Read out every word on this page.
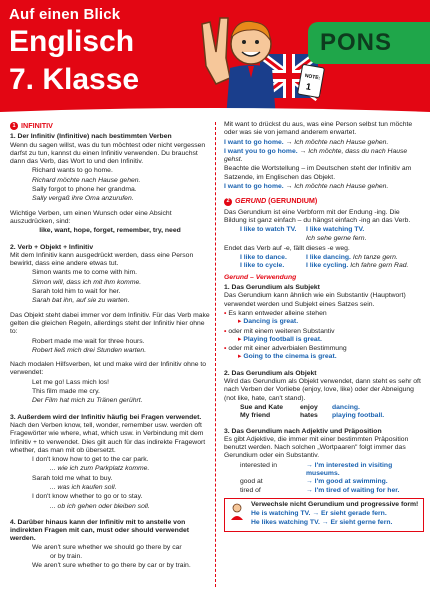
Auf einen Blick
Englisch
7. Klasse	NOTE:
1
PONS
1 INFINITIV
1. Der Infinitiv (Infinitive) nach bestimmten Verben

Wenn du sagen willst, was du tun möchtest oder nicht vergessen darfst zu tun, kannst du einen Infinitiv verwenden. Du brauchst dann das Verb, das Wort to und den Infinitiv.

Richard wants to go home.

Richard möchte nach Hause gehen.

Sally forgot to phone her grandma.

Sally vergaß ihre Oma anzurufen.

Wichtige Verben, um einen Wunsch oder eine Absicht auszudrücken, sind:

like, want, hope, forget, remember, try, need

2. Verb + Objekt + Infinitiv

Mit dem Infinitiv kann ausgedrückt werden, dass eine Person bewirkt, dass eine andere etwas tut.

Simon wants me to come with him.

Simon will, dass ich mit ihm komme.

Sarah told him to wait for her.

Sarah bat ihn, auf sie zu warten.

Das Objekt steht dabei immer vor dem Infinitiv. Für das Verb make gelten die gleichen Regeln, allerdings steht der Infinitiv hier ohne to:

Robert made me wait for three hours.

Robert ließ mich drei Stunden warten.

Nach modalen Hilfsverben, let und make wird der Infinitiv ohne to verwendet:

Let me go! Lass mich los!

This film made me cry.

Der Film hat mich zu Tränen gerührt.

3. Außerdem wird der Infinitiv häufig bei Fragen verwendet.

Nach den Verben know, tell, wonder, remember usw. werden oft Fragewörter wie where, what, which usw. in Verbindung mit dem Infinitiv + to verwendet. Dies gilt auch für das indirekte Fragewort whether, das man mit ob übersetzt.

I don't know how to get to the car park.

... wie ich zum Parkplatz komme.

Sarah told me what to buy.

... was ich kaufen soll.

I don't know whether to go or to stay.

... ob ich gehen oder bleiben soll.

4. Darüber hinaus kann der Infinitiv mit to anstelle von indirekten Fragen mit can, must oder should verwendet werden.

We aren't sure whether we should go there by car

or by train.

We aren't sure whether to go there by car or by train.

Mit want to drückst du aus, was eine Person selbst tun möchte oder was sie von jemand anderem erwartet.

I want to go home. → Ich möchte nach Hause gehen.

I want you to go home. → Ich möchte, dass du nach Hause gehst.

Beachte die Wortstellung – im Deutschen steht der Infinitiv am Satzende, im Englischen das Objekt.

I want to go home. → Ich möchte nach Hause gehen.

2 GERUND (GERUNDIUM)

Das Gerundium ist eine Verbform mit der Endung -ing. Die Bildung ist ganz einfach – du hängst einfach -ing an das Verb.

I like to watch TV.	I like watching TV.
Ich sehe gerne fern.

Endet das Verb auf -e, fällt dieses -e weg.

I like to dance.	I like dancing. Ich tanze gern.
I like to cycle.	I like cycling. Ich fahre gern Rad.
Gerund – Verwendung
1. Das Gerundium als Subjekt

Das Gerundium kann ähnlich wie ein Substantiv (Hauptwort) verwendet werden und Subjekt eines Satzes sein.

• Es kann entweder alleine stehen

▸ Dancing is great.

• oder mit einem weiteren Substantiv

▸ Playing football is great.

• oder mit einer adverbialen Bestimmung

▸ Going to the cinema is great.

2. Das Gerundium als Objekt

Wird das Gerundium als Objekt verwendet, dann steht es sehr oft nach Verben der Vorliebe (enjoy, love, like) oder der Abneigung (not like, hate, can't stand).

Sue and Kate	enjoy	dancing.
My friend	hates	playing football.
3. Das Gerundium nach Adjektiv und Präposition

Es gibt Adjektive, die immer mit einer bestimmten Präposition benutzt werden. Nach solchen „Wortpaaren" folgt immer das Gerundium oder ein Substantiv.

interested in	→ I'm interested in visiting museums.
good at	→ I'm good at swimming.
tired of	→ I'm tired of waiting for her.

Verwechsle nicht Gerundium und progressive form!

He is watching TV. → Er sieht gerade fern.

He likes watching TV. → Er sieht gerne fern.
